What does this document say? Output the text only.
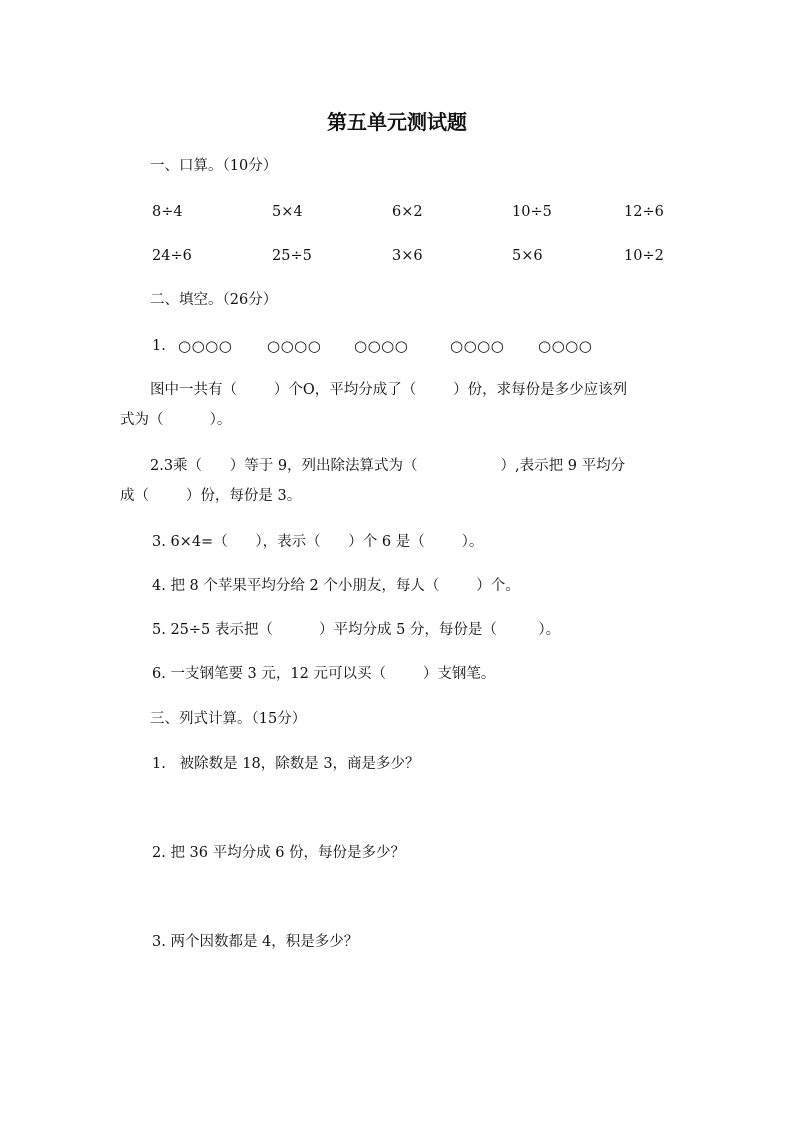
第五单元测试题
一、口算。（10分）
8÷4	5×4	6×2	10÷5	12÷6
24÷6	25÷5	3×6	5×6	10÷2
二、填空。（26分）
1. ○○○○ ○○○○ ○○○○	○○○○ ○○○○
图中一共有（        ）个O，平均分成了（        ）份，求每份是多少应该列
式为（          ）。
2.3乘（      ）等于 9，列出除法算式为（                  ）,表示把 9 平均分
成（        ）份，每份是 3。
3. 6×4=（      ），表示（      ）个 6 是（        ）。
4. 把 8 个苹果平均分给 2 个小朋友，每人（        ）个。
5. 25÷5 表示把（          ）平均分成 5 分，每份是（         ）。
6. 一支钢笔要 3 元，12 元可以买（        ）支钢笔。
三、列式计算。（15分）
1.   被除数是 18，除数是 3，商是多少？
2. 把 36 平均分成 6 份，每份是多少？
3. 两个因数都是 4，积是多少？
